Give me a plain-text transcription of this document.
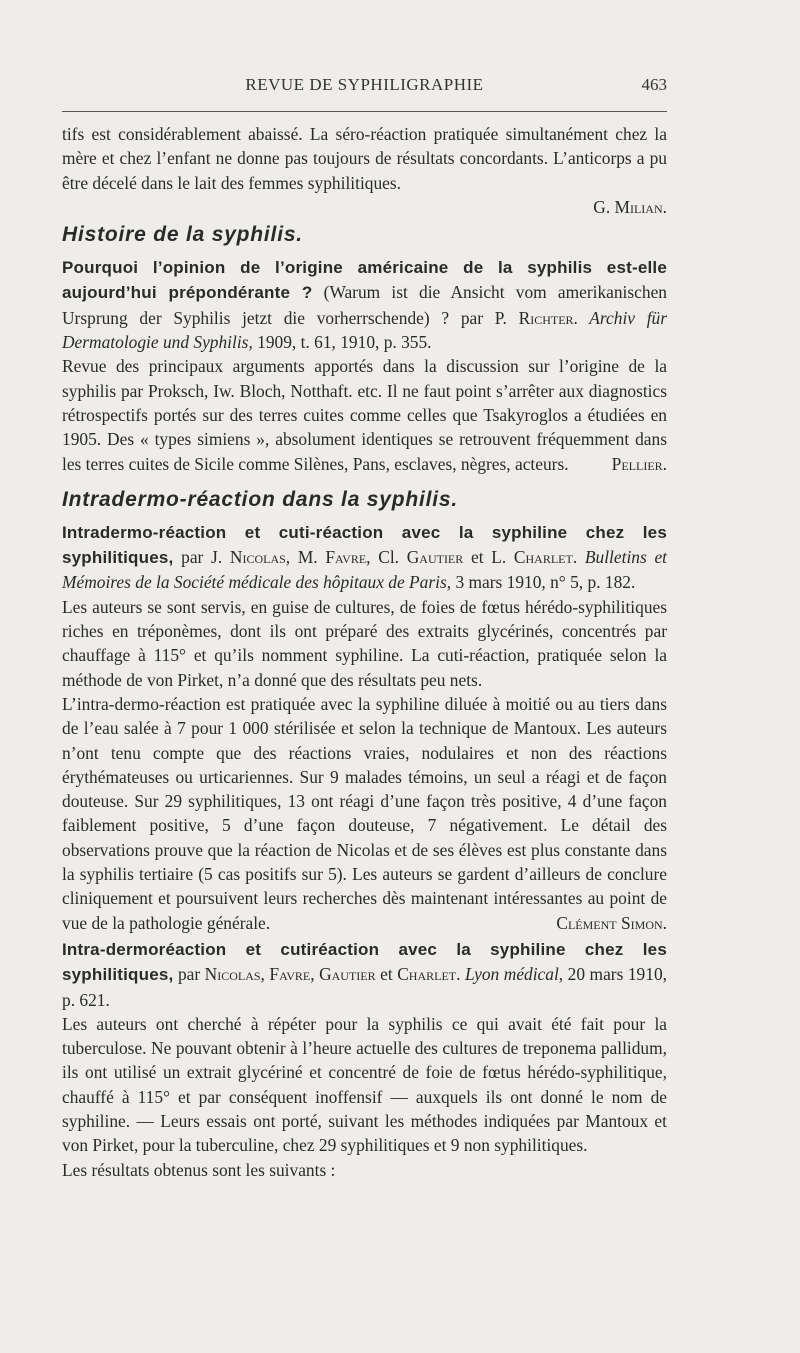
REVUE DE SYPHILIGRAPHIE	463

tifs est considérablement abaissé. La séro-réaction pratiquée simultanément chez la mère et chez l’enfant ne donne pas toujours de résultats concordants. L’anticorps a pu être décelé dans le lait des femmes syphilitiques.

G. Milian.

Histoire de la syphilis.

Pourquoi l’opinion de l’origine américaine de la syphilis est-elle aujourd’hui prépondérante ? (Warum ist die Ansicht vom amerikanischen Ursprung der Syphilis jetzt die vorherrschende) ? par P. Richter. Archiv für Dermatologie und Syphilis, 1909, t. 61, 1910, p. 355.

Revue des principaux arguments apportés dans la discussion sur l’origine de la syphilis par Proksch, Iw. Bloch, Notthaft. etc. Il ne faut point s’arrêter aux diagnostics rétrospectifs portés sur des terres cuites comme celles que Tsakyroglos a étudiées en 1905. Des « types simiens », absolument identiques se retrouvent fréquemment dans les terres cuites de Sicile comme Silènes, Pans, esclaves, nègres, acteurs. Pellier.

Intradermo-réaction dans la syphilis.

Intradermo-réaction et cuti-réaction avec la syphiline chez les syphilitiques, par J. Nicolas, M. Favre, Cl. Gautier et L. Charlet. Bulletins et Mémoires de la Société médicale des hôpitaux de Paris, 3 mars 1910, n° 5, p. 182.

Les auteurs se sont servis, en guise de cultures, de foies de fœtus hérédo-syphilitiques riches en tréponèmes, dont ils ont préparé des extraits glycérinés, concentrés par chauffage à 115° et qu’ils nomment syphiline. La cuti-réaction, pratiquée selon la méthode de von Pirket, n’a donné que des résultats peu nets.

L’intra-dermo-réaction est pratiquée avec la syphiline diluée à moitié ou au tiers dans de l’eau salée à 7 pour 1 000 stérilisée et selon la technique de Mantoux. Les auteurs n’ont tenu compte que des réactions vraies, nodulaires et non des réactions érythémateuses ou urticariennes. Sur 9 malades témoins, un seul a réagi et de façon douteuse. Sur 29 syphilitiques, 13 ont réagi d’une façon très positive, 4 d’une façon faiblement positive, 5 d’une façon douteuse, 7 négativement. Le détail des observations prouve que la réaction de Nicolas et de ses élèves est plus constante dans la syphilis tertiaire (5 cas positifs sur 5). Les auteurs se gardent d’ailleurs de conclure cliniquement et poursuivent leurs recherches dès maintenant intéressantes au point de vue de la pathologie générale.	Clément Simon.

Intra-dermoréaction et cutiréaction avec la syphiline chez les syphilitiques, par Nicolas, Favre, Gautier et Charlet. Lyon médical, 20 mars 1910, p. 621.

Les auteurs ont cherché à répéter pour la syphilis ce qui avait été fait pour la tuberculose. Ne pouvant obtenir à l’heure actuelle des cultures de treponema pallidum, ils ont utilisé un extrait glycériné et concentré de foie de fœtus hérédo-syphilitique, chauffé à 115° et par conséquent inoffensif — auxquels ils ont donné le nom de syphiline. — Leurs essais ont porté, suivant les méthodes indiquées par Mantoux et von Pirket, pour la tuberculine, chez 29 syphilitiques et 9 non syphilitiques.

Les résultats obtenus sont les suivants :
